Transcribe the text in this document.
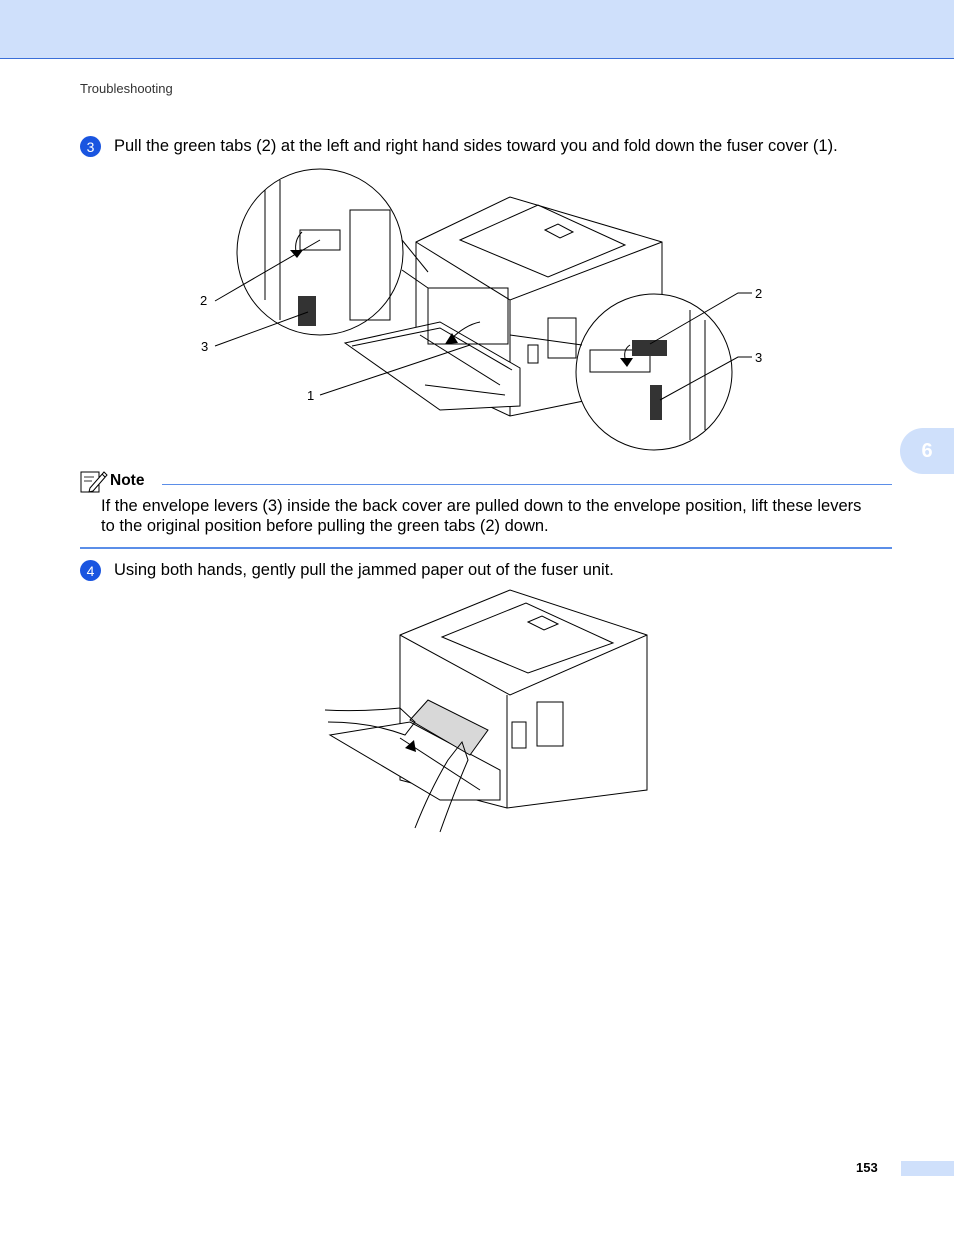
Troubleshooting
3	Pull the green tabs (2) at the left and right hand sides toward you and fold down the fuser cover (1).
2
3
1
2
3
Note
If the envelope levers (3) inside the back cover are pulled down to the envelope position, lift these levers
to the original position before pulling the green tabs (2) down.
4	Using both hands, gently pull the jammed paper out of the fuser unit.
6
153
